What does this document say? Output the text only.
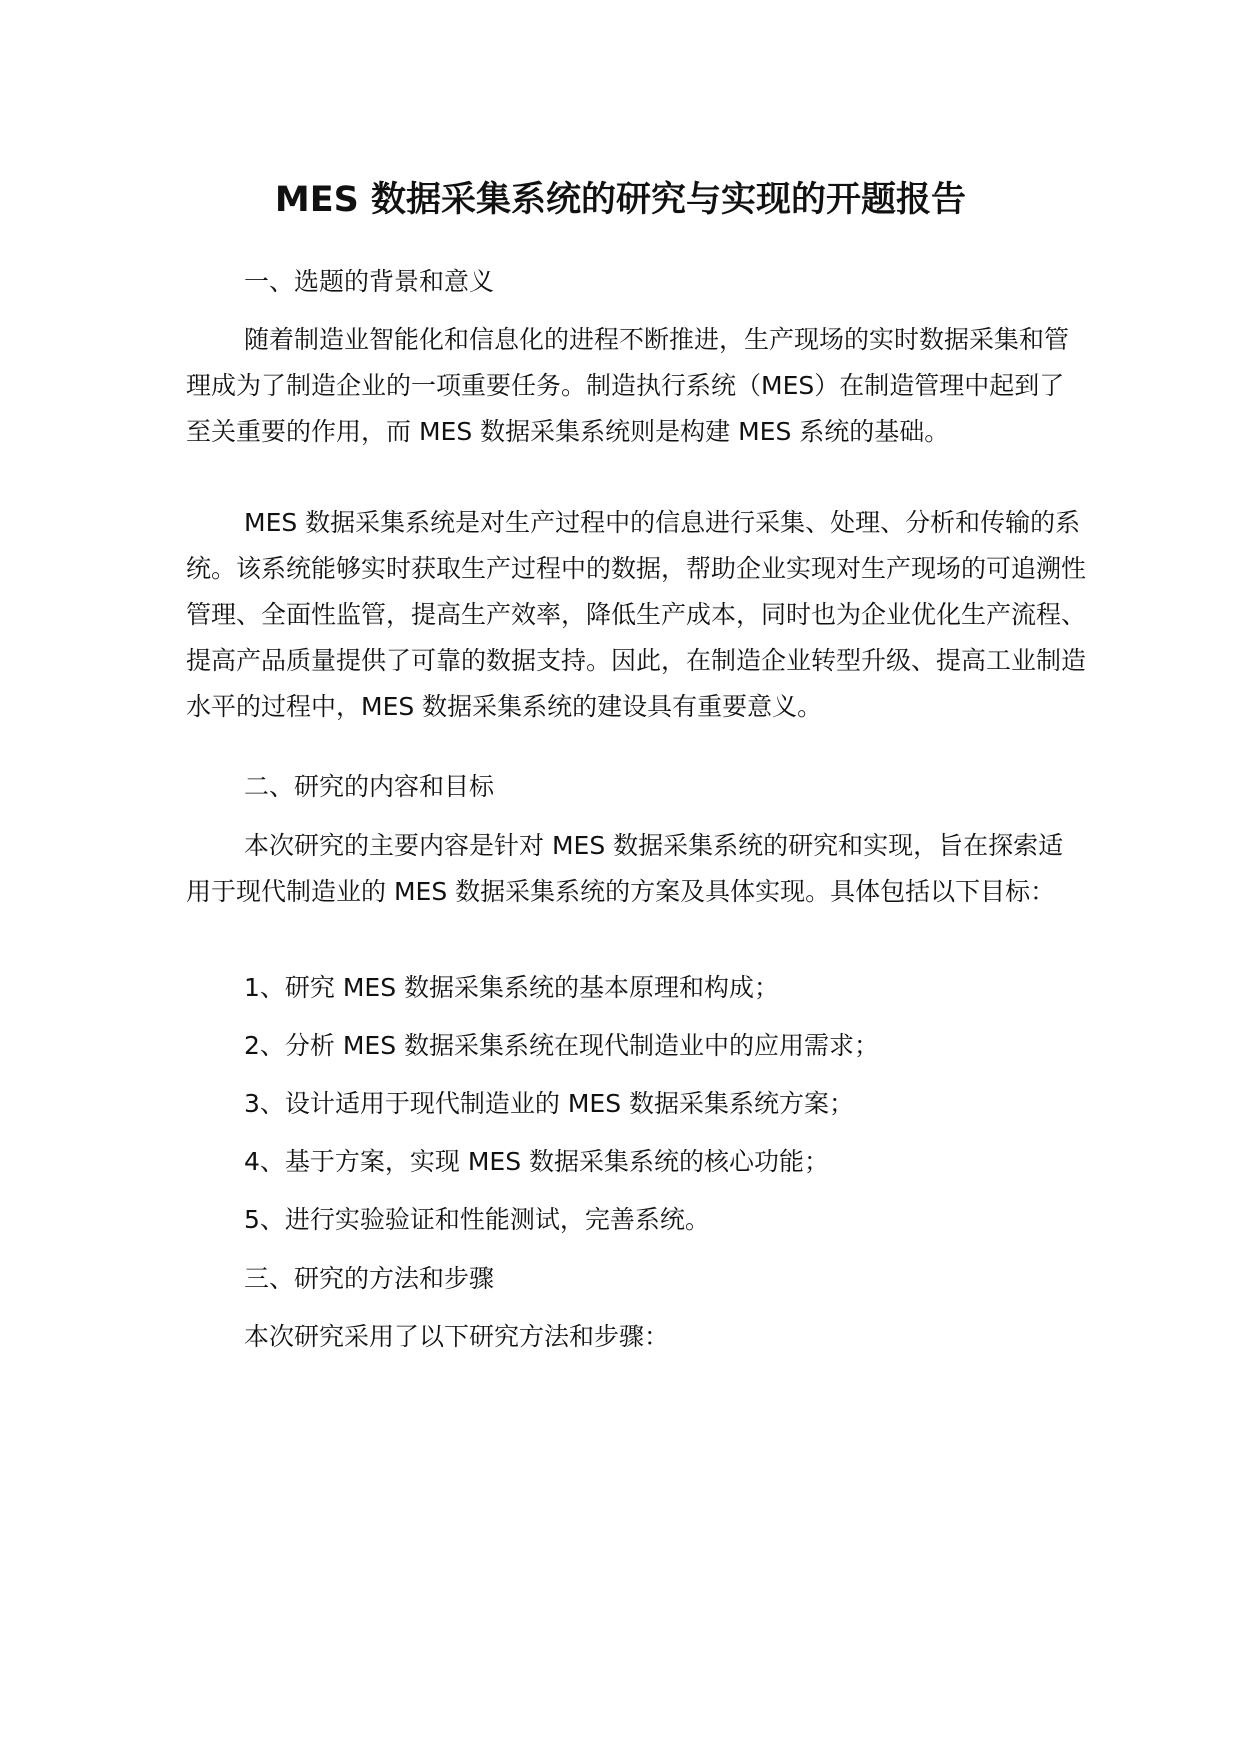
MES 数据采集系统的研究与实现的开题报告

一、选题的背景和意义

随着制造业智能化和信息化的进程不断推进，生产现场的实时数据采集和管理成为了制造企业的一项重要任务。制造执行系统（MES）在制造管理中起到了至关重要的作用，而 MES 数据采集系统则是构建 MES 系统的基础。

MES 数据采集系统是对生产过程中的信息进行采集、处理、分析和传输的系统。该系统能够实时获取生产过程中的数据，帮助企业实现对生产现场的可追溯性管理、全面性监管，提高生产效率，降低生产成本，同时也为企业优化生产流程、提高产品质量提供了可靠的数据支持。因此，在制造企业转型升级、提高工业制造水平的过程中，MES 数据采集系统的建设具有重要意义。

二、研究的内容和目标

本次研究的主要内容是针对 MES 数据采集系统的研究和实现，旨在探索适用于现代制造业的 MES 数据采集系统的方案及具体实现。具体包括以下目标：

1、研究 MES 数据采集系统的基本原理和构成；

2、分析 MES 数据采集系统在现代制造业中的应用需求；

3、设计适用于现代制造业的 MES 数据采集系统方案；

4、基于方案，实现 MES 数据采集系统的核心功能；

5、进行实验验证和性能测试，完善系统。

三、研究的方法和步骤

本次研究采用了以下研究方法和步骤：
